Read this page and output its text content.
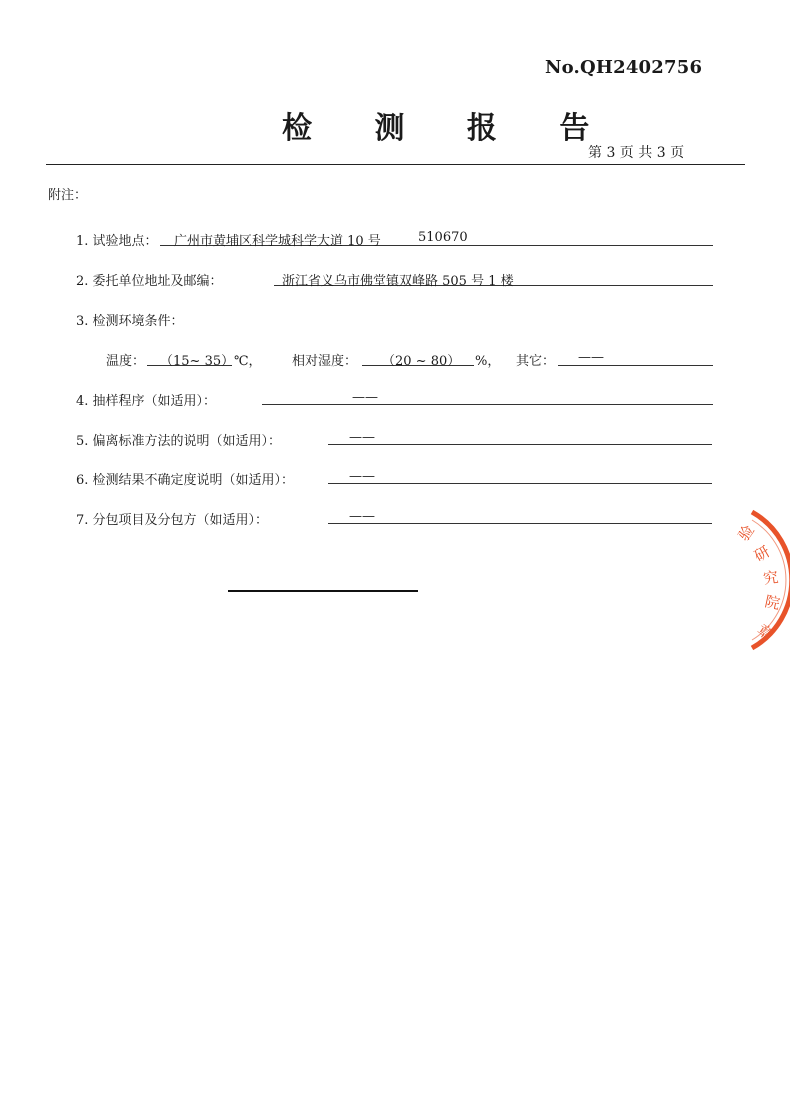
No.QH2402756
检 测 报 告
第 3 页 共 3 页
附注：
1. 试验地点： 广州市黄埔区科学城科学大道 10 号	510670
2. 委托单位地址及邮编：	浙江省义乌市佛堂镇双峰路 505 号 1 楼
3. 检测环境条件：
温度： （15~ 35） ℃， 相对湿度： （20 ~ 80） %， 其它： ——
4. 抽样程序（如适用）：	——
5. 偏离标准方法的说明（如适用）：	——
6. 检测结果不确定度说明（如适用）：	——
7. 分包项目及分包方（如适用）：	——
验
研
究
院
章
